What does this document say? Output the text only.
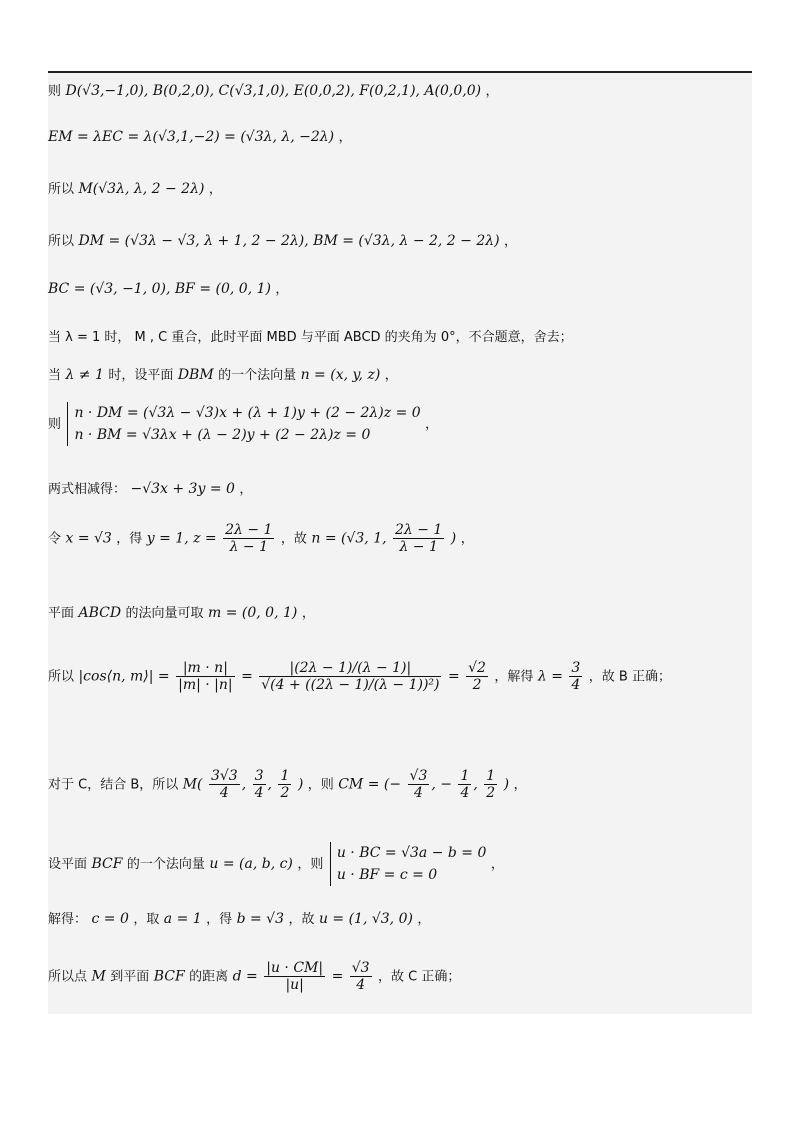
则 D(√3,−1,0), B(0,2,0), C(√3,1,0), E(0,0,2), F(0,2,1), A(0,0,0) ，
EM = λEC = λ(√3,1,−2) = (√3λ, λ, −2λ) ，
所以 M(√3λ, λ, 2 − 2λ) ，
所以 DM = (√3λ − √3, λ + 1, 2 − 2λ), BM = (√3λ, λ − 2, 2 − 2λ) ，
BC = (√3, −1, 0), BF = (0, 0, 1) ，
当 λ = 1 时， M , C 重合，此时平面 MBD 与平面 ABCD 的夹角为 0°，不合题意，舍去；
当 λ ≠ 1 时，设平面 DBM 的一个法向量 n = (x, y, z) ，
则
n · DM = (√3λ − √3)x + (λ + 1)y + (2 − 2λ)z = 0
n · BM = √3λx + (λ − 2)y + (2 − 2λ)z = 0
，
两式相减得： −√3x + 3y = 0 ，
令 x = √3 ，得 y = 1, $z = \frac{2\lambda - 1}{\lambda - 1}$ ，故 n = (√3, 1, $\frac{2\lambda - 1}{\lambda - 1}$ ) ，
平面 ABCD 的法向量可取 m = (0, 0, 1) ，
所以 |cos⟨n, m⟩| = $\frac{|m \cdot n|}{|m| \cdot |n|} = \frac{|(2\lambda - 1)/(\lambda - 1)|}{\text{√(4 + ((2λ − 1)/(λ − 1))²)}} = \frac{√2}{2}$ ，解得 $\lambda = \frac{3}{4}$ ，故 B 正确；
对于 C，结合 B，所以 $M( \frac{3√3}{4}$ , $\frac{3}{4}$ , $\frac{1}{2}$ ) ，则 CM = (− $\frac{√3}{4}$ , − $\frac{1}{4}$ , $\frac{1}{2}$ ) ，
设平面 BCF 的一个法向量 u = (a, b, c) ，则
u · BC = √3a − b = 0
u · BF = c = 0
，
解得： c = 0 ，取 a = 1 ，得 b = √3 ，故 u = (1, √3, 0) ，
所以点 M 到平面 BCF 的距离 $d = \frac{|u \cdot CM|}{|u|} = \frac{√3}{4}$ ，故 C 正确；
